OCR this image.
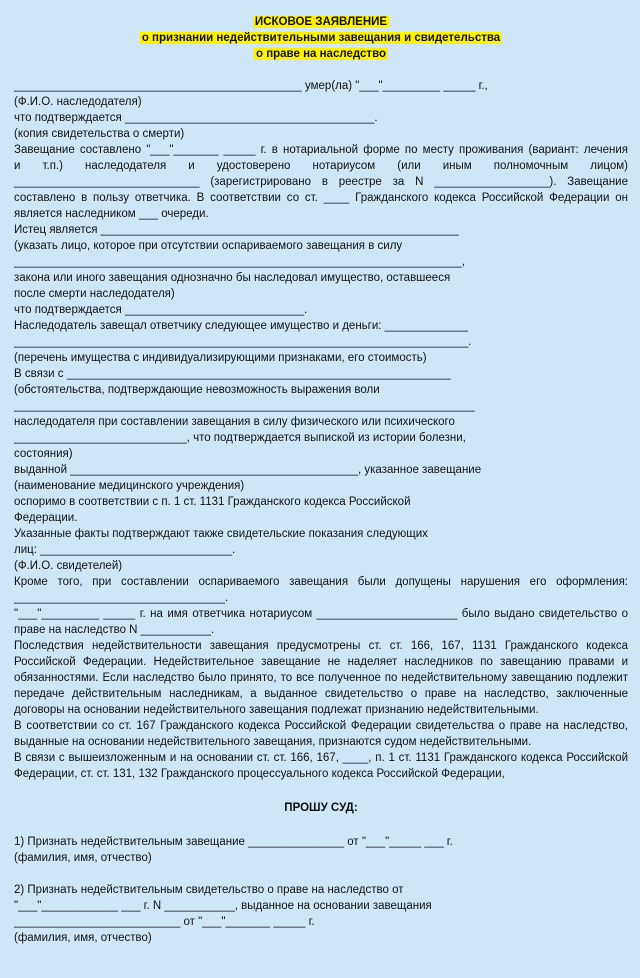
ИСКОВОЕ ЗАЯВЛЕНИЕ
о признании недействительными завещания и свидетельства
о праве на наследство
_____________________________________________ умер(ла) "___"_________ _____ г.,
(Ф.И.О. наследодателя)
что подтверждается _______________________________________.
(копия свидетельства о смерти)
Завещание составлено "___"_______ _____ г. в нотариальной форме по месту проживания (вариант: лечения
и т.п.) наследодателя и удостоверено нотариусом (или иным полномочным лицом)
_____________________________ (зарегистрировано в реестре за N __________________). Завещание
составлено в пользу ответчика. В соответствии со ст. ____ Гражданского кодекса Российской Федерации он
является наследником ___ очереди.
Истец является ________________________________________________________
(указать лицо, которое при отсутствии оспариваемого завещания в силу
______________________________________________________________________,
закона или иного завещания однозначно бы наследовал имущество, оставшееся
после смерти наследодателя)
что подтверждается ____________________________.
Наследодатель завещал ответчику следующее имущество и деньги: _____________
_______________________________________________________________________.
(перечень имущества с индивидуализирующими признаками, его стоимость)
В связи с ____________________________________________________________
(обстоятельства, подтверждающие невозможность выражения воли
________________________________________________________________________
наследодателя при составлении завещания в силу физического или психического
___________________________, что подтверждается выпиской из истории болезни,
состояния)
выданной _____________________________________________, указанное завещание
(наименование медицинского учреждения)
оспоримо в соответствии с п. 1 ст. 1131 Гражданского кодекса Российской
Федерации.
Указанные факты подтверждают также свидетельские показания следующих
лиц: ______________________________.
(Ф.И.О. свидетелей)
Кроме того, при составлении оспариваемого завещания были допущены нарушения его оформления:
_________________________________.
"___"_________ _____ г. на имя ответчика нотариусом ______________________ было выдано свидетельство о
праве на наследство N ___________.
Последствия недействительности завещания предусмотрены ст. ст. 166, 167, 1131 Гражданского кодекса Российской Федерации. Недействительное завещание не наделяет наследников по завещанию правами и обязанностями. Если наследство было принято, то все полученное по недействительному завещанию подлежит передаче действительным наследникам, а выданное свидетельство о праве на наследство, заключенные договоры на основании недействительного завещания подлежат признанию недействительными.
В соответствии со ст. 167 Гражданского кодекса Российской Федерации свидетельства о праве на наследство, выданные на основании недействительного завещания, признаются судом недействительными.
В связи с вышеизложенным и на основании ст. ст. 166, 167, ____, п. 1 ст. 1131 Гражданского кодекса Российской Федерации, ст. ст. 131, 132 Гражданского процессуального кодекса Российской Федерации,
ПРОШУ СУД:
1) Признать недействительным завещание _______________ от "___"_____ ___ г.
(фамилия, имя, отчество)
2) Признать недействительным свидетельство о праве на наследство от
"___"____________ ___ г. N ___________, выданное на основании завещания
__________________________ от "___"_______ _____ г.
(фамилия, имя, отчество)
